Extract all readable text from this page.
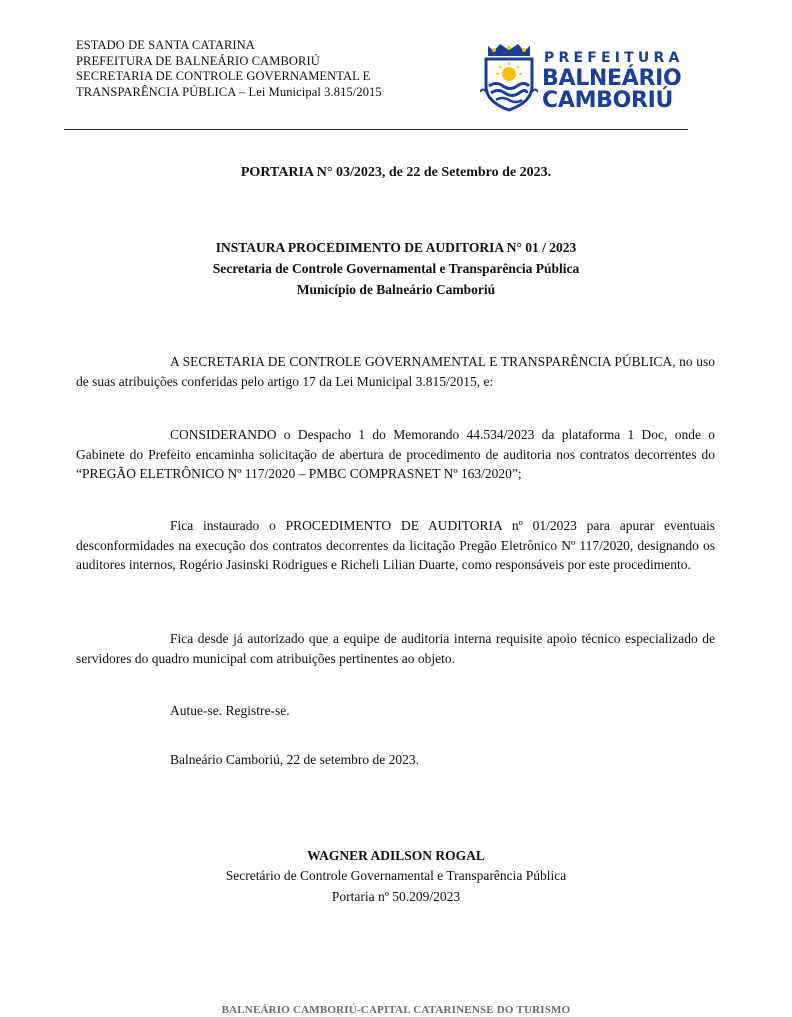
ESTADO DE SANTA CATARINA
PREFEITURA DE BALNEÁRIO CAMBORIÚ
SECRETARIA DE CONTROLE GOVERNAMENTAL E
TRANSPARÊNCIA PÚBLICA – Lei Municipal 3.815/2015
PREFEITURA
BALNEÁRIO
CAMBORIÚ
PORTARIA N° 03/2023, de 22 de Setembro de 2023.
INSTAURA PROCEDIMENTO DE AUDITORIA N° 01 / 2023
Secretaria de Controle Governamental e Transparência Pública
Município de Balneário Camboriú
A SECRETARIA DE CONTROLE GOVERNAMENTAL E TRANSPARÊNCIA PÚBLICA, no uso de suas atribuições conferidas pelo artigo 17 da Lei Municipal 3.815/2015, e:
CONSIDERANDO o Despacho 1 do Memorando 44.534/2023 da plataforma 1 Doc, onde o Gabinete do Prefeito encaminha solicitação de abertura de procedimento de auditoria nos contratos decorrentes do “PREGÃO ELETRÔNICO Nº 117/2020 – PMBC COMPRASNET Nº 163/2020”;
Fica instaurado o PROCEDIMENTO DE AUDITORIA nº 01/2023 para apurar eventuais desconformidades na execução dos contratos decorrentes da licitação Pregão Eletrônico Nº 117/2020, designando os auditores internos, Rogério Jasinski Rodrigues e Richeli Lilian Duarte, como responsáveis por este procedimento.
Fica desde já autorizado que a equipe de auditoria interna requisite apoio técnico especializado de servidores do quadro municipal com atribuições pertinentes ao objeto.
Autue-se. Registre-se.
Balneário Camboriú, 22 de setembro de 2023.
WAGNER ADILSON ROGAL
Secretário de Controle Governamental e Transparência Pública
Portaria nº 50.209/2023
BALNEÁRIO CAMBORIÚ-CAPITAL CATARINENSE DO TURISMO
